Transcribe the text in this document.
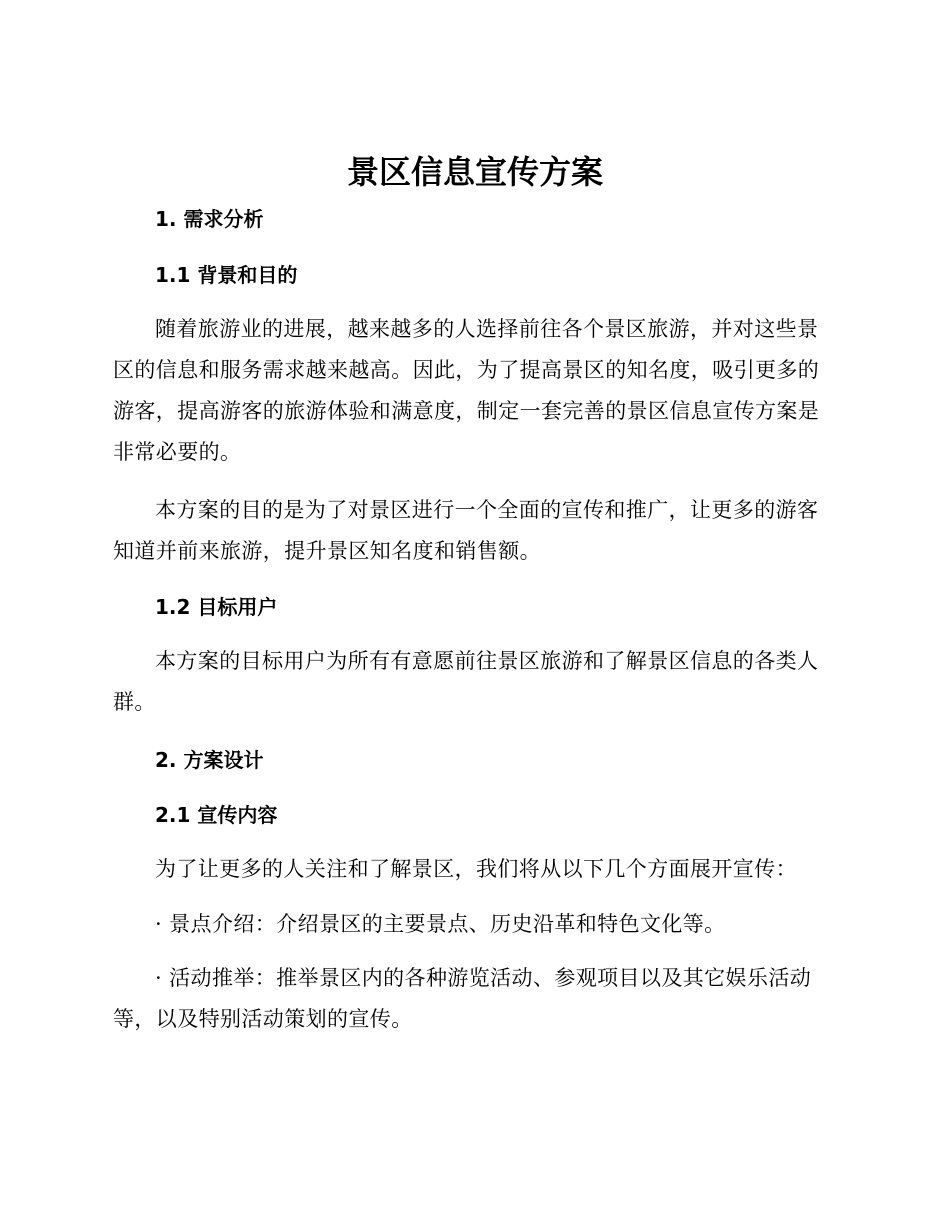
景区信息宣传方案
1. 需求分析
1.1 背景和目的

随着旅游业的进展，越来越多的人选择前往各个景区旅游，并对这些景
区的信息和服务需求越来越高。因此，为了提高景区的知名度，吸引更多的
游客，提高游客的旅游体验和满意度，制定一套完善的景区信息宣传方案是
非常必要的。

本方案的目的是为了对景区进行一个全面的宣传和推广，让更多的游客
知道并前来旅游，提升景区知名度和销售额。

1.2 目标用户

本方案的目标用户为所有有意愿前往景区旅游和了解景区信息的各类人
群。

2. 方案设计
2.1 宣传内容

为了让更多的人关注和了解景区，我们将从以下几个方面展开宣传：

· 景点介绍：介绍景区的主要景点、历史沿革和特色文化等。

· 活动推举：推举景区内的各种游览活动、参观项目以及其它娱乐活动
等，以及特别活动策划的宣传。
